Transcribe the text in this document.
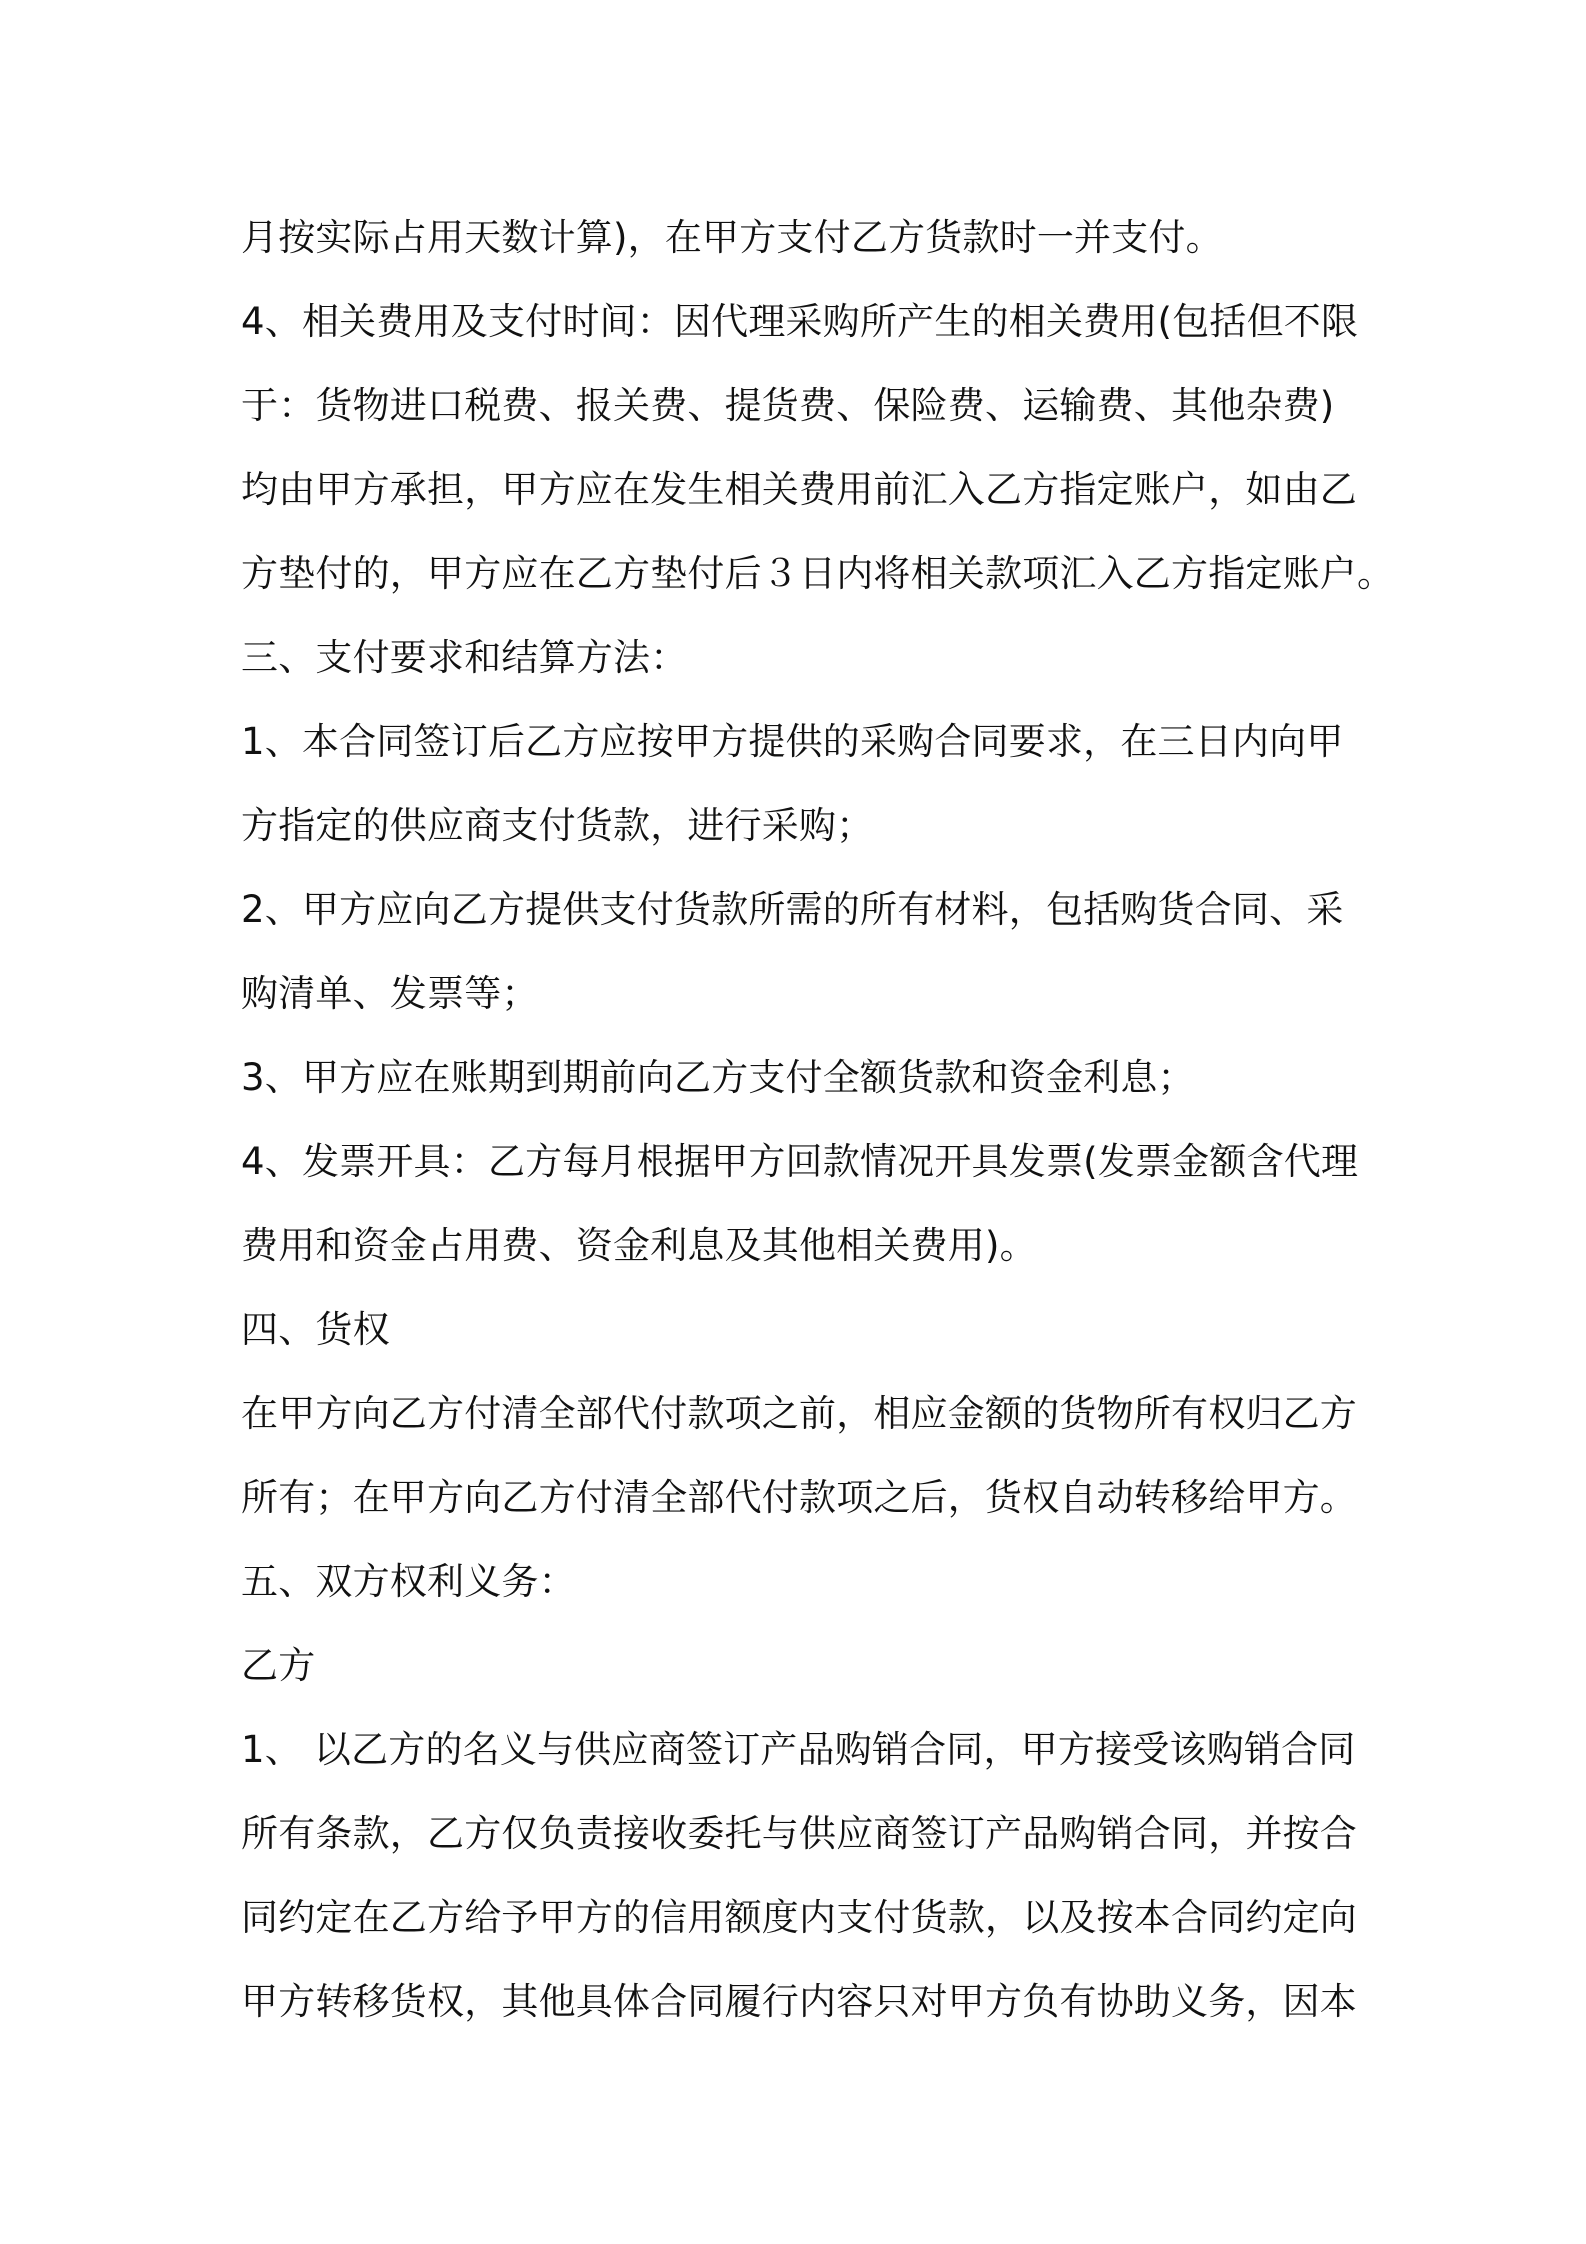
月按实际占用天数计算)，在甲方支付乙方货款时一并支付。
4、相关费用及支付时间：因代理采购所产生的相关费用(包括但不限
于：货物进口税费、报关费、提货费、保险费、运输费、其他杂费)
均由甲方承担，甲方应在发生相关费用前汇入乙方指定账户，如由乙
方垫付的，甲方应在乙方垫付后３日内将相关款项汇入乙方指定账户。
三、支付要求和结算方法：
1、本合同签订后乙方应按甲方提供的采购合同要求，在三日内向甲
方指定的供应商支付货款，进行采购；
2、甲方应向乙方提供支付货款所需的所有材料，包括购货合同、采
购清单、发票等；
3、甲方应在账期到期前向乙方支付全额货款和资金利息；
4、发票开具：乙方每月根据甲方回款情况开具发票(发票金额含代理
费用和资金占用费、资金利息及其他相关费用)。
四、货权
在甲方向乙方付清全部代付款项之前，相应金额的货物所有权归乙方
所有；在甲方向乙方付清全部代付款项之后，货权自动转移给甲方。
五、双方权利义务：
乙方
1、 以乙方的名义与供应商签订产品购销合同，甲方接受该购销合同
所有条款，乙方仅负责接收委托与供应商签订产品购销合同，并按合
同约定在乙方给予甲方的信用额度内支付货款，以及按本合同约定向
甲方转移货权，其他具体合同履行内容只对甲方负有协助义务，因本
